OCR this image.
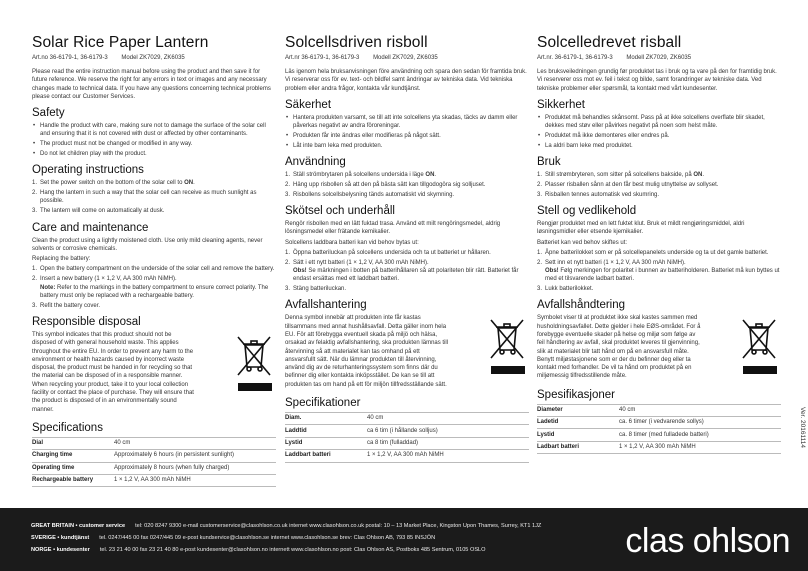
Solar Rice Paper Lantern
Art.no 36-6179-1, 36-6179-3 Model ZK7029, ZK6035

Please read the entire instruction manual before using the product and then save it for future reference. We reserve the right for any errors in text or images and any necessary changes made to technical data. If you have any questions concerning technical problems please contact our Customer Services.

Safety
• Handle the product with care, making sure not to damage the surface of the solar cell and ensuring that it is not covered with dust or affected by other contaminants.
• The product must not be changed or modified in any way.
• Do not let children play with the product.
Operating instructions
1. Set the power switch on the bottom of the solar cell to ON.
2. Hang the lantern in such a way that the solar cell can receive as much sunlight as possible.
3. The lantern will come on automatically at dusk.
Care and maintenance

Clean the product using a lightly moistened cloth. Use only mild cleaning agents, never solvents or corrosive chemicals.

Replacing the battery:

1. Open the battery compartment on the underside of the solar cell and remove the battery.
2. Insert a new battery (1 × 1,2 V, AA 300 mAh NiMH).
Note: Refer to the markings in the battery compartment to ensure correct polarity. The battery must only be replaced with a rechargeable battery.
3. Refit the battery cover.
Responsible disposal

This symbol indicates that this product should not be disposed of with general household waste. This applies throughout the entire EU. In order to prevent any harm to the environment or health hazards caused by incorrect waste disposal, the product must be handed in for recycling so that the material can be disposed of in a responsible manner. When recycling your product, take it to your local collection facility or contact the place of purchase. They will ensure that the product is disposed of in an environmentally sound manner.

Specifications
Dial	40 cm
Charging time	Approximately 6 hours (in persistent sunlight)
Operating time	Approximately 8 hours (when fully charged)
Rechargeable battery	1 × 1,2 V, AA 300 mAh NiMH
Solcellsdriven risboll
Art.nr 36-6179-1, 36-6179-3 Modell ZK7029, ZK6035

Läs igenom hela bruksanvisningen före användning och spara den sedan för framtida bruk. Vi reserverar oss för ev. text- och bildfel samt ändringar av tekniska data. Vid tekniska problem eller andra frågor, kontakta vår kundtjänst.

Säkerhet
• Hantera produkten varsamt, se till att inte solcellens yta skadas, täcks av damm eller påverkas negativt av andra föroreningar.
• Produkten får inte ändras eller modifieras på något sätt.
• Låt inte barn leka med produkten.
Användning
1. Ställ strömbrytaren på solcellens undersida i läge ON.
2. Häng upp risbollen så att den på bästa sätt kan tillgodogöra sig solljuset.
3. Risbollens solcellsbelysning tänds automatiskt vid skymning.
Skötsel och underhåll

Rengör risbollen med en lätt fuktad trasa. Använd ett milt rengöringsmedel, aldrig lösningsmedel eller frätande kemikalier.

Solcellens laddbara batteri kan vid behov bytas ut:

1. Öppna batteriluckan på solcellens undersida och ta ut batteriet ur hållaren.
2. Sätt i ett nytt batteri (1 × 1,2 V, AA 300 mAh NiMH).
Obs! Se märkningen i botten på batterihållaren så att polariteten blir rätt. Batteriet får endast ersättas med ett laddbart batteri.
3. Stäng batteriluckan.
Avfallshantering

Denna symbol innebär att produkten inte får kastas tillsammans med annat hushållsavfall. Detta gäller inom hela EU. För att förebygga eventuell skada på miljö och hälsa, orsakad av felaktig avfallshantering, ska produkten lämnas till återvinning så att materialet kan tas omhand på ett ansvarsfullt sätt. När du lämnar produkten till återvinning, använd dig av de returhanteringssystem som finns där du befinner dig eller kontakta inköpsstället. De kan se till att produkten tas om hand på ett för miljön tillfredsställande sätt.

Specifikationer
Diam.	40 cm
Laddtid	ca 6 tim (i hållande solljus)
Lystid	ca 8 tim (fulladdad)
Laddbart batteri	1 × 1,2 V, AA 300 mAh NiMH
Solcelledrevet risball
Art.nr. 36-6179-1, 36-6179-3 Modell ZK7029, ZK6035

Les bruksveiledningen grundig før produktet tas i bruk og ta vare på den for framtidig bruk. Vi reserverer oss mot ev. feil i tekst og bilde, samt forandringer av tekniske data. Ved tekniske problemer eller spørsmål, ta kontakt med vårt kundesenter.

Sikkerhet
• Produktet må behandles skånsomt. Pass på at ikke solcellens overflate blir skadet, dekkes med støv eller påvirkes negativt på noen som helst måte.
• Produktet må ikke demonteres eller endres på.
• La aldri barn leke med produktet.
Bruk
1. Still strømbryteren, som sitter på solcellens bakside, på ON.
2. Plasser risballen sånn at den får best mulig utnyttelse av sollyset.
3. Risballen tennes automatisk ved skumring.
Stell og vedlikehold

Rengjør produktet med en lett fuktet klut. Bruk et mildt rengjøringsmiddel, aldri løsningsmidler eller etsende kjemikalier.

Batteriet kan ved behov skiftes ut:

1. Åpne batterilokket som er på solcellepanelets underside og ta ut det gamle batteriet.
2. Sett inn et nytt batteri (1 × 1,2 V, AA 300 mAh NiMH).
Obs! Følg merkingen for polaritet i bunnen av batteriholderen. Batteriet må kun byttes ut med et tilsvarende ladbart batteri.
3. Lukk batterilokket.
Avfallshåndtering

Symbolet viser til at produktet ikke skal kastes sammen med husholdningsavfallet. Dette gjelder i hele EØS-området. For å forebygge eventuelle skader på helse og miljø som følge av feil håndtering av avfall, skal produktet leveres til gjenvinning, slik at materialet blir tatt hånd om på en ansvarsfull måte. Benytt miljøstasjonene som er der du befinner deg eller ta kontakt med forhandler. De vil ta hånd om produktet på en miljømessig tilfredsstillende måte.

Spesifikasjoner
Diameter	40 cm
Ladetid	ca. 6 timer (i vedvarende sollys)
Lystid	ca. 8 timer (med fulladede batteri)
Ladbart batteri	1 × 1,2 V, AA 300 mAh NiMH	Ver. 20161114
GREAT BRITAIN • customer service tel: 020 8247 9300 e-mail customerservice@clasohlson.co.uk internet www.clasohlson.co.uk postal: 10 – 13 Market Place, Kingston Upon Thames, Surrey, KT1 1JZ
SVERIGE • kundtjänst tel. 0247/445 00 fax 0247/445 09 e-post kundservice@clasohlson.se internet www.clasohlson.se brev: Clas Ohlson AB, 793 85 INSJÖN
NORGE • kundesenter tel. 23 21 40 00 fax 23 21 40 80 e-post kundesenter@clasohlson.no internett www.clasohlson.no post: Clas Ohlson AS, Postboks 485 Sentrum, 0105 OSLO	clas ohlson
